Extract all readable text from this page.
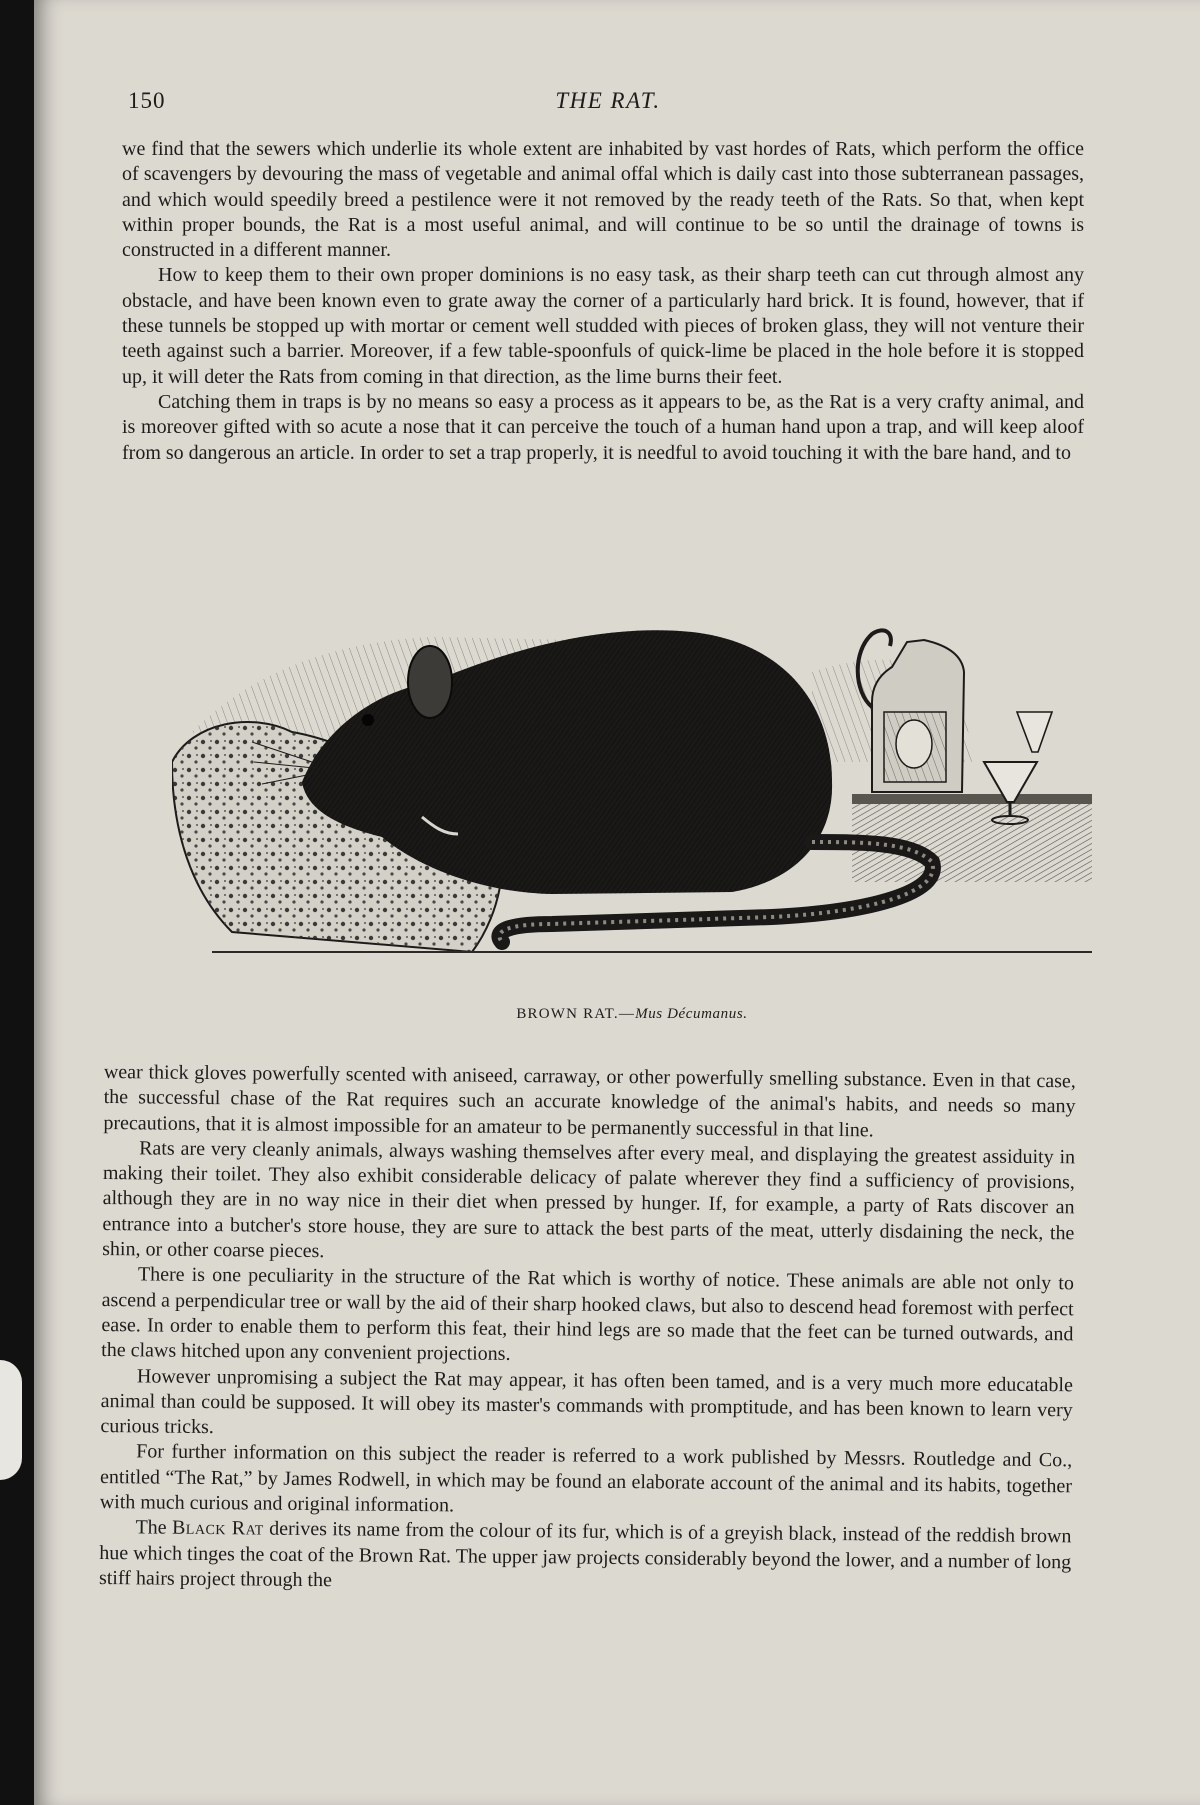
150	THE RAT.

we find that the sewers which underlie its whole extent are inhabited by vast hordes of Rats, which perform the office of scavengers by devouring the mass of vegetable and animal offal which is daily cast into those subterranean passages, and which would speedily breed a pestilence were it not removed by the ready teeth of the Rats. So that, when kept within proper bounds, the Rat is a most useful animal, and will continue to be so until the drainage of towns is constructed in a different manner.

How to keep them to their own proper dominions is no easy task, as their sharp teeth can cut through almost any obstacle, and have been known even to grate away the corner of a particularly hard brick. It is found, however, that if these tunnels be stopped up with mortar or cement well studded with pieces of broken glass, they will not venture their teeth against such a barrier. Moreover, if a few table-spoonfuls of quick-lime be placed in the hole before it is stopped up, it will deter the Rats from coming in that direction, as the lime burns their feet.

Catching them in traps is by no means so easy a process as it appears to be, as the Rat is a very crafty animal, and is moreover gifted with so acute a nose that it can perceive the touch of a human hand upon a trap, and will keep aloof from so dangerous an article. In order to set a trap properly, it is needful to avoid touching it with the bare hand, and to

BROWN RAT.—Mus Décumanus.

wear thick gloves powerfully scented with aniseed, carraway, or other powerfully smelling substance. Even in that case, the successful chase of the Rat requires such an accurate knowledge of the animal's habits, and needs so many precautions, that it is almost impossible for an amateur to be permanently successful in that line.

Rats are very cleanly animals, always washing themselves after every meal, and displaying the greatest assiduity in making their toilet. They also exhibit considerable delicacy of palate wherever they find a sufficiency of provisions, although they are in no way nice in their diet when pressed by hunger. If, for example, a party of Rats discover an entrance into a butcher's store house, they are sure to attack the best parts of the meat, utterly disdaining the neck, the shin, or other coarse pieces.

There is one peculiarity in the structure of the Rat which is worthy of notice. These animals are able not only to ascend a perpendicular tree or wall by the aid of their sharp hooked claws, but also to descend head foremost with perfect ease. In order to enable them to perform this feat, their hind legs are so made that the feet can be turned outwards, and the claws hitched upon any convenient projections.

However unpromising a subject the Rat may appear, it has often been tamed, and is a very much more educatable animal than could be supposed. It will obey its master's commands with promptitude, and has been known to learn very curious tricks.

For further information on this subject the reader is referred to a work published by Messrs. Routledge and Co., entitled “The Rat,” by James Rodwell, in which may be found an elaborate account of the animal and its habits, together with much curious and original information.

The Black Rat derives its name from the colour of its fur, which is of a greyish black, instead of the reddish brown hue which tinges the coat of the Brown Rat. The upper jaw projects considerably beyond the lower, and a number of long stiff hairs project through the
